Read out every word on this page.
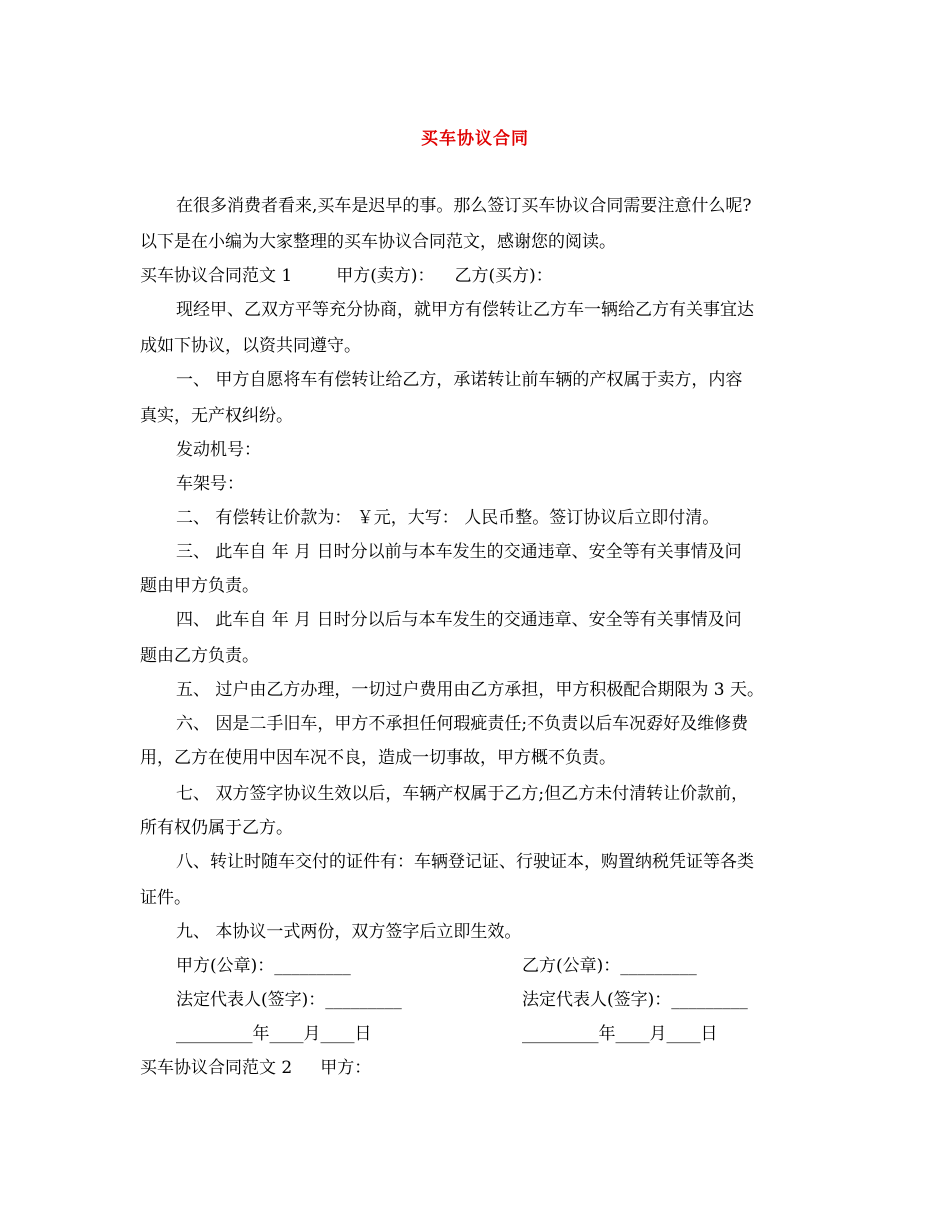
买车协议合同
在很多消费者看来,买车是迟早的事。那么签订买车协议合同需要注意什么呢?
以下是在小编为大家整理的买车协议合同范文，感谢您的阅读。
买车协议合同范文 1	甲方(卖方)： 乙方(买方)：
现经甲、乙双方平等充分协商，就甲方有偿转让乙方车一辆给乙方有关事宜达
成如下协议，以资共同遵守。
一、 甲方自愿将车有偿转让给乙方，承诺转让前车辆的产权属于卖方，内容
真实，无产权纠纷。
发动机号：
车架号：
二、 有偿转让价款为： ￥元，大写： 人民币整。签订协议后立即付清。
三、 此车自 年 月 日时分以前与本车发生的交通违章、安全等有关事情及问
题由甲方负责。
四、 此车自 年 月 日时分以后与本车发生的交通违章、安全等有关事情及问
题由乙方负责。
五、 过户由乙方办理，一切过户费用由乙方承担，甲方积极配合期限为 3 天。
六、 因是二手旧车，甲方不承担任何瑕疵责任;不负责以后车况孬好及维修费
用，乙方在使用中因车况不良，造成一切事故，甲方概不负责。
七、 双方签字协议生效以后，车辆产权属于乙方;但乙方未付清转让价款前，
所有权仍属于乙方。
八、转让时随车交付的证件有：车辆登记证、行驶证本，购置纳税凭证等各类
证件。
九、 本协议一式两份，双方签字后立即生效。
甲方(公章)：_________	乙方(公章)：_________
法定代表人(签字)：_________	法定代表人(签字)：_________
_________年____月____日	_________年____月____日
买车协议合同范文 2 甲方：
